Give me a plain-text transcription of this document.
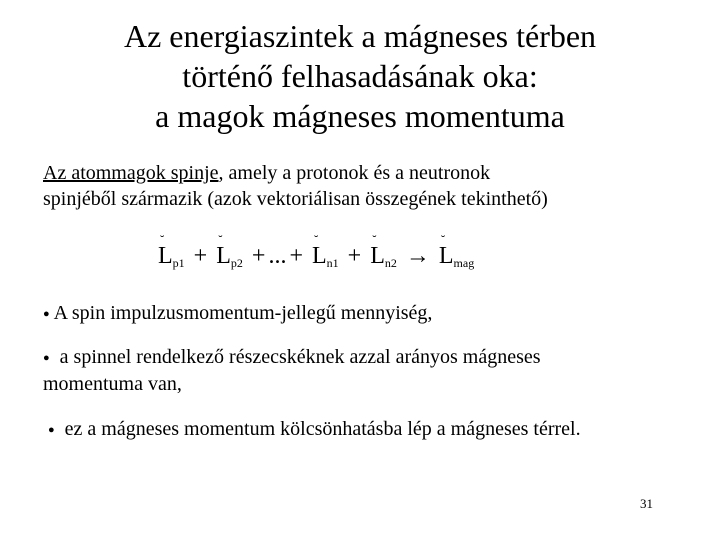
Az energiaszintek a mágneses térben
történő felhasadásának oka:
a magok mágneses momentuma
Az atommagok spinje, amely a protonok és a neutronok
spinjéből származik (azok vektoriálisan összegének tekinthető)
˘
$L_{p1}$ +
˘
$L_{p2}$ + ... +
˘
$L_{n1}$ +
˘
$L_{n2}$ →
˘
$L_{mag}$
● A spin impulzusmomentum-jellegű mennyiség,
● a spinnel rendelkező részecskéknek azzal arányos mágneses
momentuma van,
● ez a mágneses momentum kölcsönhatásba lép a mágneses térrel.
31
